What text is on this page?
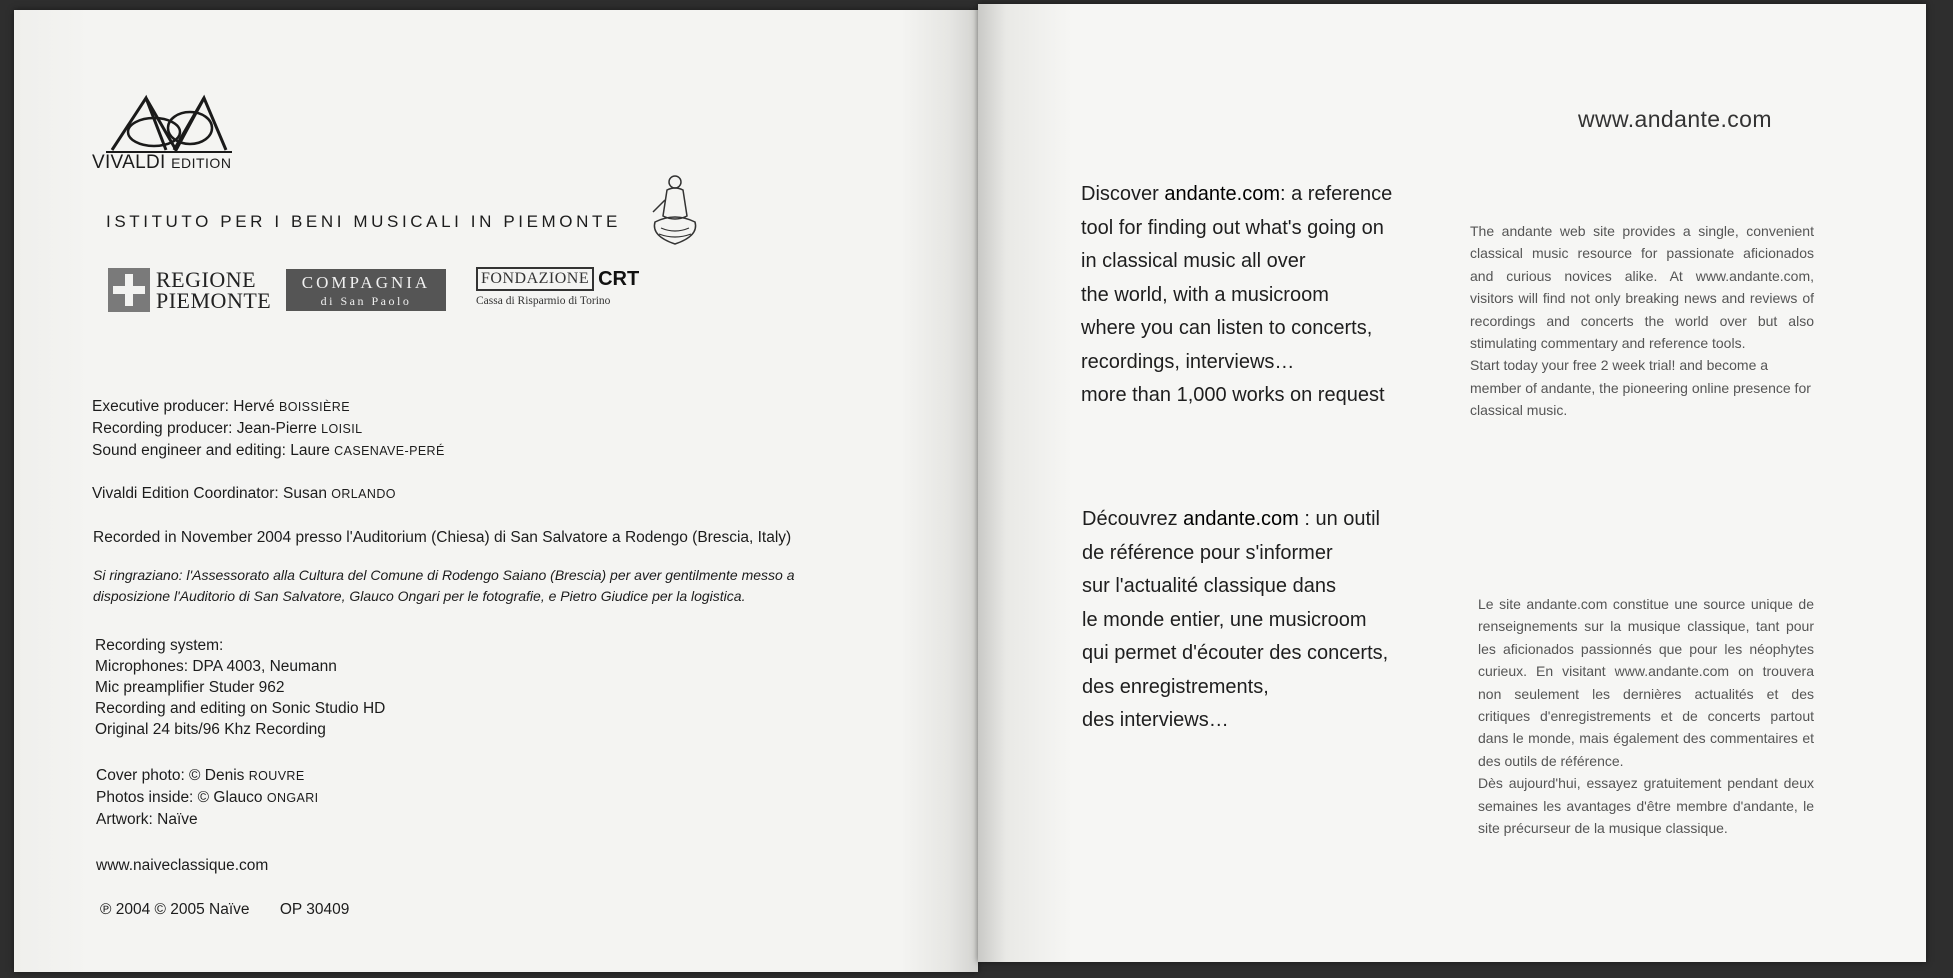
VIVALDI EDITION
ISTITUTO PER I BENI MUSICALI IN PIEMONTE
REGIONE
PIEMONTE
COMPAGNIA
di San Paolo
FONDAZIONE CRT
Cassa di Risparmio di Torino
Executive producer: Hervé BOISSIÈRE
Recording producer: Jean-Pierre LOISIL
Sound engineer and editing: Laure CASENAVE-PERÉ
Vivaldi Edition Coordinator: Susan ORLANDO
Recorded in November 2004 presso l'Auditorium (Chiesa) di San Salvatore a Rodengo (Brescia, Italy)
Si ringraziano: l'Assessorato alla Cultura del Comune di Rodengo Saiano (Brescia) per aver gentilmente messo a
disposizione l'Auditorio di San Salvatore, Glauco Ongari per le fotografie, e Pietro Giudice per la logistica.
Recording system:
Microphones: DPA 4003, Neumann
Mic preamplifier Studer 962
Recording and editing on Sonic Studio HD
Original 24 bits/96 Khz Recording
Cover photo: © Denis ROUVRE
Photos inside: © Glauco ONGARI
Artwork: Naïve
www.naiveclassique.com
℗ 2004 © 2005 Naïve OP 30409
www.andante.com
Discover andante.com: a reference
tool for finding out what's going on
in classical music all over
the world, with a musicroom
where you can listen to concerts,
recordings, interviews…
more than 1,000 works on request
Découvrez andante.com : un outil
de référence pour s'informer
sur l'actualité classique dans
le monde entier, une musicroom
qui permet d'écouter des concerts,
des enregistrements,
des interviews…
The andante web site provides a single, convenient classical music resource for passionate aficionados and curious novices alike. At www.andante.com, visitors will find not only breaking news and reviews of recordings and concerts the world over but also stimulating commentary and reference tools.
Start today your free 2 week trial! and become a member of andante, the pioneering online presence for classical music.
Le site andante.com constitue une source unique de renseignements sur la musique classique, tant pour les aficionados passionnés que pour les néophytes curieux. En visitant www.andante.com on trouvera non seulement les dernières actualités et des critiques d'enregistrements et de concerts partout dans le monde, mais également des commentaires et des outils de référence.
Dès aujourd'hui, essayez gratuitement pendant deux semaines les avantages d'être membre d'andante, le site précurseur de la musique classique.
